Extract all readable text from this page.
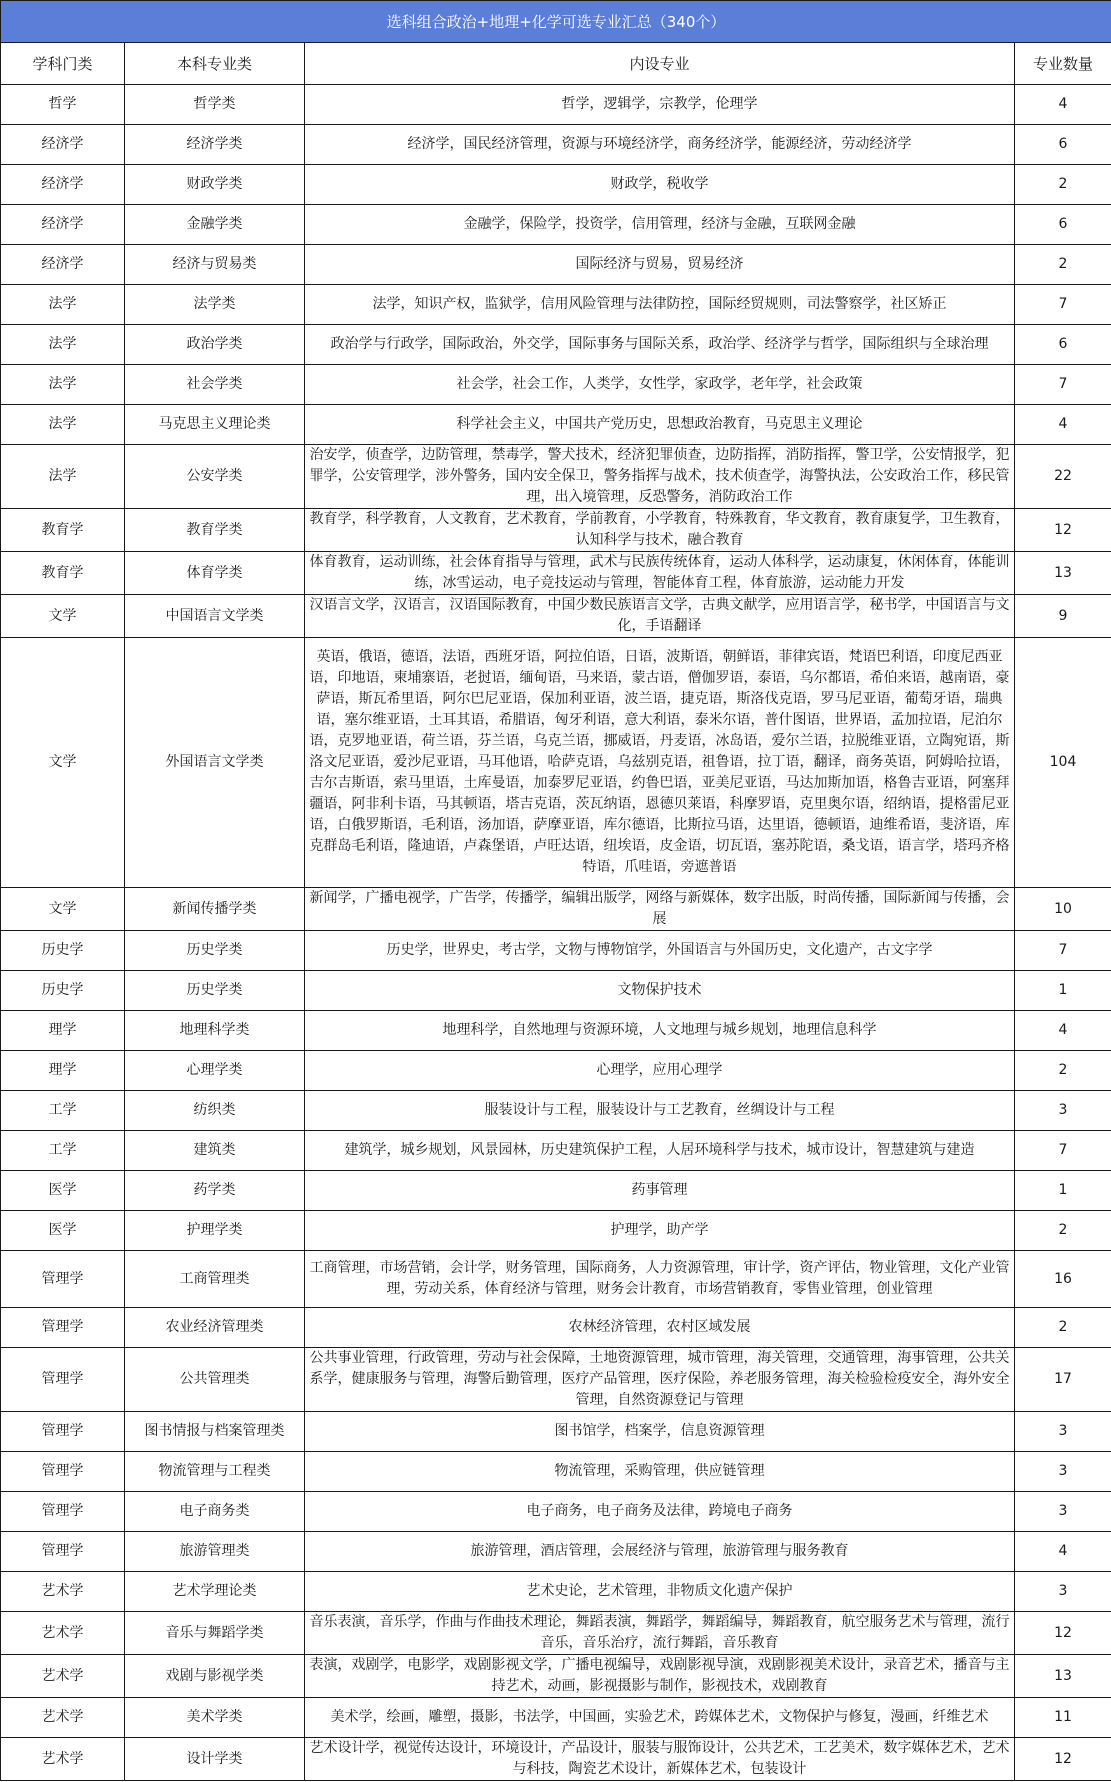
选科组合政治+地理+化学可选专业汇总（340个）			
学科门类	本科专业类	内设专业	专业数量
哲学	哲学类	哲学，逻辑学，宗教学，伦理学	4
经济学	经济学类	经济学，国民经济管理，资源与环境经济学，商务经济学，能源经济，劳动经济学	6
经济学	财政学类	财政学，税收学	2
经济学	金融学类	金融学，保险学，投资学，信用管理，经济与金融，互联网金融	6
经济学	经济与贸易类	国际经济与贸易，贸易经济	2
法学	法学类	法学，知识产权，监狱学，信用风险管理与法律防控，国际经贸规则，司法警察学，社区矫正	7
法学	政治学类	政治学与行政学，国际政治，外交学，国际事务与国际关系，政治学、经济学与哲学，国际组织与全球治理	6
法学	社会学类	社会学，社会工作，人类学，女性学，家政学，老年学，社会政策	7
法学	马克思主义理论类	科学社会主义，中国共产党历史，思想政治教育，马克思主义理论	4
法学	公安学类	治安学，侦查学，边防管理，禁毒学，警犬技术，经济犯罪侦查，边防指挥，消防指挥，警卫学，公安情报学，犯罪学，公安管理学，涉外警务，国内安全保卫，警务指挥与战术，技术侦查学，海警执法，公安政治工作，移民管理，出入境管理，反恐警务，消防政治工作	22
教育学	教育学类	教育学，科学教育，人文教育，艺术教育，学前教育，小学教育，特殊教育，华文教育，教育康复学，卫生教育，认知科学与技术，融合教育	12
教育学	体育学类	体育教育，运动训练，社会体育指导与管理，武术与民族传统体育，运动人体科学，运动康复，休闲体育，体能训练，冰雪运动，电子竞技运动与管理，智能体育工程，体育旅游，运动能力开发	13
文学	中国语言文学类	汉语言文学，汉语言，汉语国际教育，中国少数民族语言文学，古典文献学，应用语言学，秘书学，中国语言与文化，手语翻译	9
文学	外国语言文学类	英语，俄语，德语，法语，西班牙语，阿拉伯语，日语，波斯语，朝鲜语，菲律宾语，梵语巴利语，印度尼西亚语，印地语，柬埔寨语，老挝语，缅甸语，马来语，蒙古语，僧伽罗语，泰语，乌尔都语，希伯来语，越南语，豪萨语，斯瓦希里语，阿尔巴尼亚语，保加利亚语，波兰语，捷克语，斯洛伐克语，罗马尼亚语，葡萄牙语，瑞典语，塞尔维亚语，土耳其语，希腊语，匈牙利语，意大利语，泰米尔语，普什图语，世界语，孟加拉语，尼泊尔语，克罗地亚语，荷兰语，芬兰语，乌克兰语，挪威语，丹麦语，冰岛语，爱尔兰语，拉脱维亚语，立陶宛语，斯洛文尼亚语，爱沙尼亚语，马耳他语，哈萨克语，乌兹别克语，祖鲁语，拉丁语，翻译，商务英语，阿姆哈拉语，吉尔吉斯语，索马里语，土库曼语，加泰罗尼亚语，约鲁巴语，亚美尼亚语，马达加斯加语，格鲁吉亚语，阿塞拜疆语，阿非利卡语，马其顿语，塔吉克语，茨瓦纳语，恩德贝莱语，科摩罗语，克里奥尔语，绍纳语，提格雷尼亚语，白俄罗斯语，毛利语，汤加语，萨摩亚语，库尔德语，比斯拉马语，达里语，德顿语，迪维希语，斐济语，库克群岛毛利语，隆迪语，卢森堡语，卢旺达语，纽埃语，皮金语，切瓦语，塞苏陀语，桑戈语，语言学，塔玛齐格特语，爪哇语，旁遮普语	104
文学	新闻传播学类	新闻学，广播电视学，广告学，传播学，编辑出版学，网络与新媒体，数字出版，时尚传播，国际新闻与传播，会展	10
历史学	历史学类	历史学，世界史，考古学，文物与博物馆学，外国语言与外国历史，文化遗产，古文字学	7
历史学	历史学类	文物保护技术	1
理学	地理科学类	地理科学，自然地理与资源环境，人文地理与城乡规划，地理信息科学	4
理学	心理学类	心理学，应用心理学	2
工学	纺织类	服装设计与工程，服装设计与工艺教育，丝绸设计与工程	3
工学	建筑类	建筑学，城乡规划，风景园林，历史建筑保护工程，人居环境科学与技术，城市设计，智慧建筑与建造	7
医学	药学类	药事管理	1
医学	护理学类	护理学，助产学	2
管理学	工商管理类	工商管理，市场营销，会计学，财务管理，国际商务，人力资源管理，审计学，资产评估，物业管理，文化产业管理，劳动关系，体育经济与管理，财务会计教育，市场营销教育，零售业管理，创业管理	16
管理学	农业经济管理类	农林经济管理，农村区域发展	2
管理学	公共管理类	公共事业管理，行政管理，劳动与社会保障，土地资源管理，城市管理，海关管理，交通管理，海事管理，公共关系学，健康服务与管理，海警后勤管理，医疗产品管理，医疗保险，养老服务管理，海关检验检疫安全，海外安全管理，自然资源登记与管理	17
管理学	图书情报与档案管理类	图书馆学，档案学，信息资源管理	3
管理学	物流管理与工程类	物流管理，采购管理，供应链管理	3
管理学	电子商务类	电子商务，电子商务及法律，跨境电子商务	3
管理学	旅游管理类	旅游管理，酒店管理，会展经济与管理，旅游管理与服务教育	4
艺术学	艺术学理论类	艺术史论，艺术管理，非物质文化遗产保护	3
艺术学	音乐与舞蹈学类	音乐表演，音乐学，作曲与作曲技术理论，舞蹈表演，舞蹈学，舞蹈编导，舞蹈教育，航空服务艺术与管理，流行音乐，音乐治疗，流行舞蹈，音乐教育	12
艺术学	戏剧与影视学类	表演，戏剧学，电影学，戏剧影视文学，广播电视编导，戏剧影视导演，戏剧影视美术设计，录音艺术，播音与主持艺术，动画，影视摄影与制作，影视技术，戏剧教育	13
艺术学	美术学类	美术学，绘画，雕塑，摄影，书法学，中国画，实验艺术，跨媒体艺术，文物保护与修复，漫画，纤维艺术	11
艺术学	设计学类	艺术设计学，视觉传达设计，环境设计，产品设计，服装与服饰设计，公共艺术，工艺美术，数字媒体艺术，艺术与科技，陶瓷艺术设计，新媒体艺术，包装设计	12
